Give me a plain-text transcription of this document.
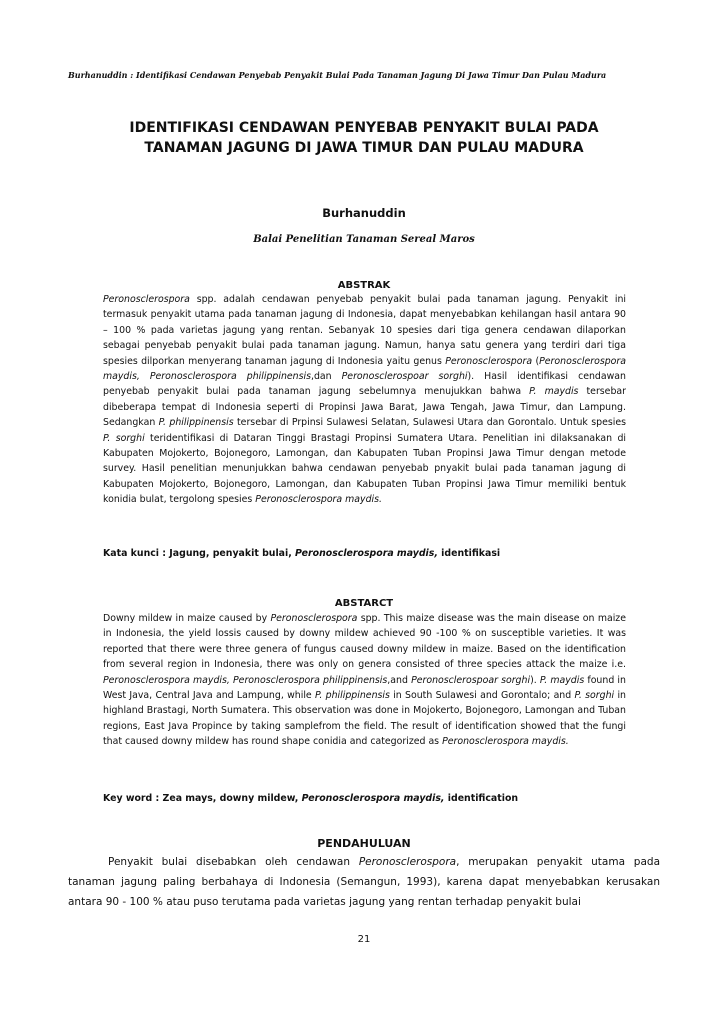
Burhanuddin : Identifikasi Cendawan Penyebab Penyakit Bulai Pada Tanaman Jagung Di Jawa Timur Dan Pulau Madura
IDENTIFIKASI CENDAWAN PENYEBAB PENYAKIT BULAI PADA
TANAMAN JAGUNG DI JAWA TIMUR DAN PULAU MADURA
Burhanuddin
Balai Penelitian Tanaman Sereal Maros
ABSTRAK
Peronosclerospora spp. adalah cendawan penyebab penyakit bulai pada tanaman jagung. Penyakit ini termasuk penyakit utama pada tanaman jagung di Indonesia, dapat menyebabkan kehilangan hasil antara 90 – 100 % pada varietas jagung yang rentan. Sebanyak 10 spesies dari tiga genera cendawan dilaporkan sebagai penyebab penyakit bulai pada tanaman jagung. Namun, hanya satu genera yang terdiri dari tiga spesies dilporkan menyerang tanaman jagung di Indonesia yaitu genus Peronosclerospora (Peronosclerospora maydis, Peronosclerospora philippinensis,dan Peronosclerospoar sorghi). Hasil identifikasi cendawan penyebab penyakit bulai pada tanaman jagung sebelumnya menujukkan bahwa P. maydis tersebar dibeberapa tempat di Indonesia seperti di Propinsi Jawa Barat, Jawa Tengah, Jawa Timur, dan Lampung. Sedangkan P. philippinensis tersebar di Prpinsi Sulawesi Selatan, Sulawesi Utara dan Gorontalo. Untuk spesies P. sorghi teridentifikasi di Dataran Tinggi Brastagi Propinsi Sumatera Utara. Penelitian ini dilaksanakan di Kabupaten Mojokerto, Bojonegoro, Lamongan, dan Kabupaten Tuban Propinsi Jawa Timur dengan metode survey. Hasil penelitian menunjukkan bahwa cendawan penyebab pnyakit bulai pada tanaman jagung di Kabupaten Mojokerto, Bojonegoro, Lamongan, dan Kabupaten Tuban Propinsi Jawa Timur memiliki bentuk konidia bulat, tergolong spesies Peronosclerospora maydis.
Kata kunci : Jagung, penyakit bulai, Peronosclerospora maydis, identifikasi
ABSTARCT
Downy mildew in maize caused by Peronosclerospora spp. This maize disease was the main disease on maize in Indonesia, the yield lossis caused by downy mildew achieved 90 -100 % on susceptible varieties. It was reported that there were three genera of fungus caused downy mildew in maize. Based on the identification from several region in Indonesia, there was only on genera consisted of three species attack the maize i.e. Peronosclerospora maydis, Peronosclerospora philippinensis,and Peronosclerospoar sorghi). P. maydis found in West Java, Central Java and Lampung, while P. philippinensis in South Sulawesi and Gorontalo; and P. sorghi in highland Brastagi, North Sumatera. This observation was done in Mojokerto, Bojonegoro, Lamongan and Tuban regions, East Java Propince by taking samplefrom the field. The result of identification showed that the fungi that caused downy mildew has round shape conidia and categorized as Peronosclerospora maydis.
Key word : Zea mays, downy mildew, Peronosclerospora maydis, identification
PENDAHULUAN
Penyakit bulai disebabkan oleh cendawan Peronosclerospora, merupakan penyakit utama pada tanaman jagung paling berbahaya di Indonesia (Semangun, 1993), karena dapat menyebabkan kerusakan antara 90 - 100 % atau puso terutama pada varietas jagung yang rentan terhadap penyakit bulai
21
